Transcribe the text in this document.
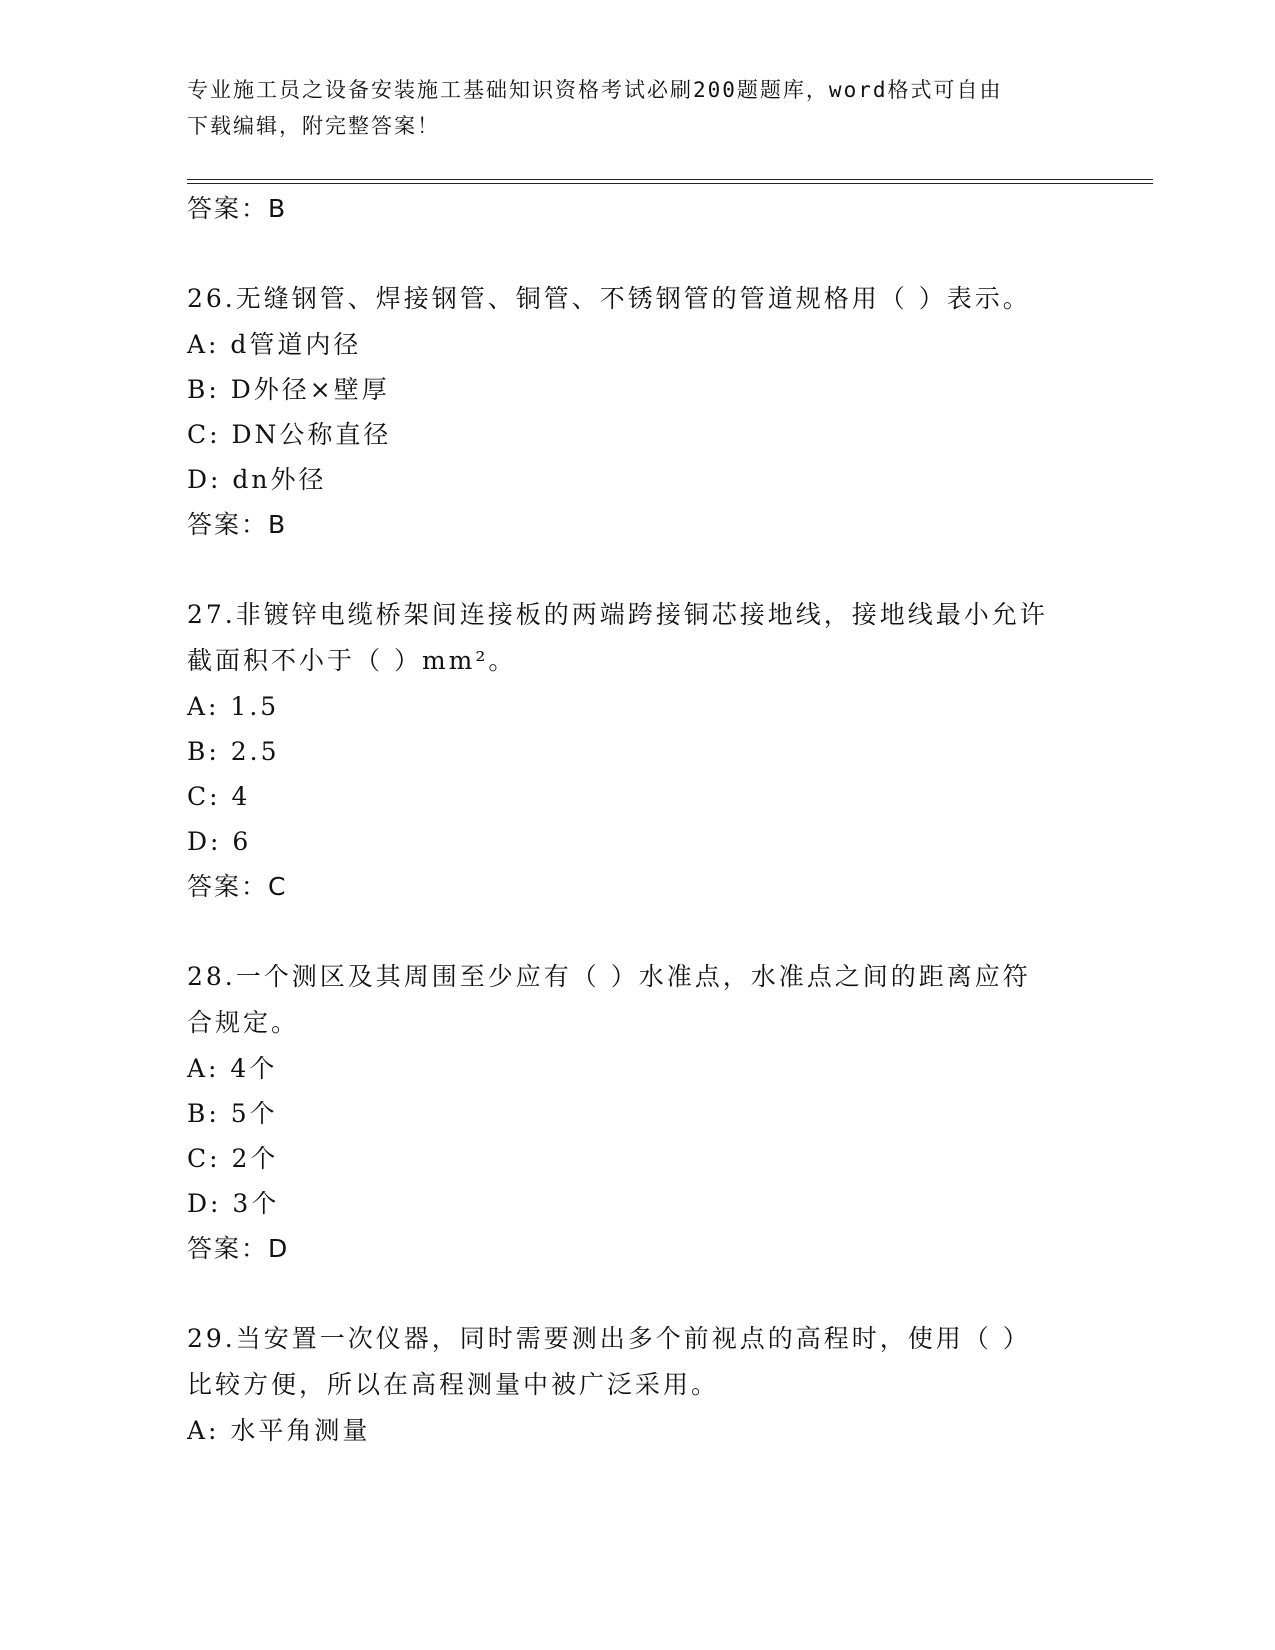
专业施工员之设备安装施工基础知识资格考试必刷200题题库，word格式可自由
下载编辑，附完整答案！
答案：B
26.无缝钢管、焊接钢管、铜管、不锈钢管的管道规格用（ ）表示。
A: d管道内径
B: D外径×壁厚
C: DN公称直径
D: dn外径
答案：B
27.非镀锌电缆桥架间连接板的两端跨接铜芯接地线，接地线最小允许
截面积不小于（ ）mm²。
A: 1.5
B: 2.5
C: 4
D: 6
答案：C
28.一个测区及其周围至少应有（ ）水准点，水准点之间的距离应符
合规定。
A: 4个
B: 5个
C: 2个
D: 3个
答案：D
29.当安置一次仪器，同时需要测出多个前视点的高程时，使用（ ）
比较方便，所以在高程测量中被广泛采用。
A: 水平角测量
